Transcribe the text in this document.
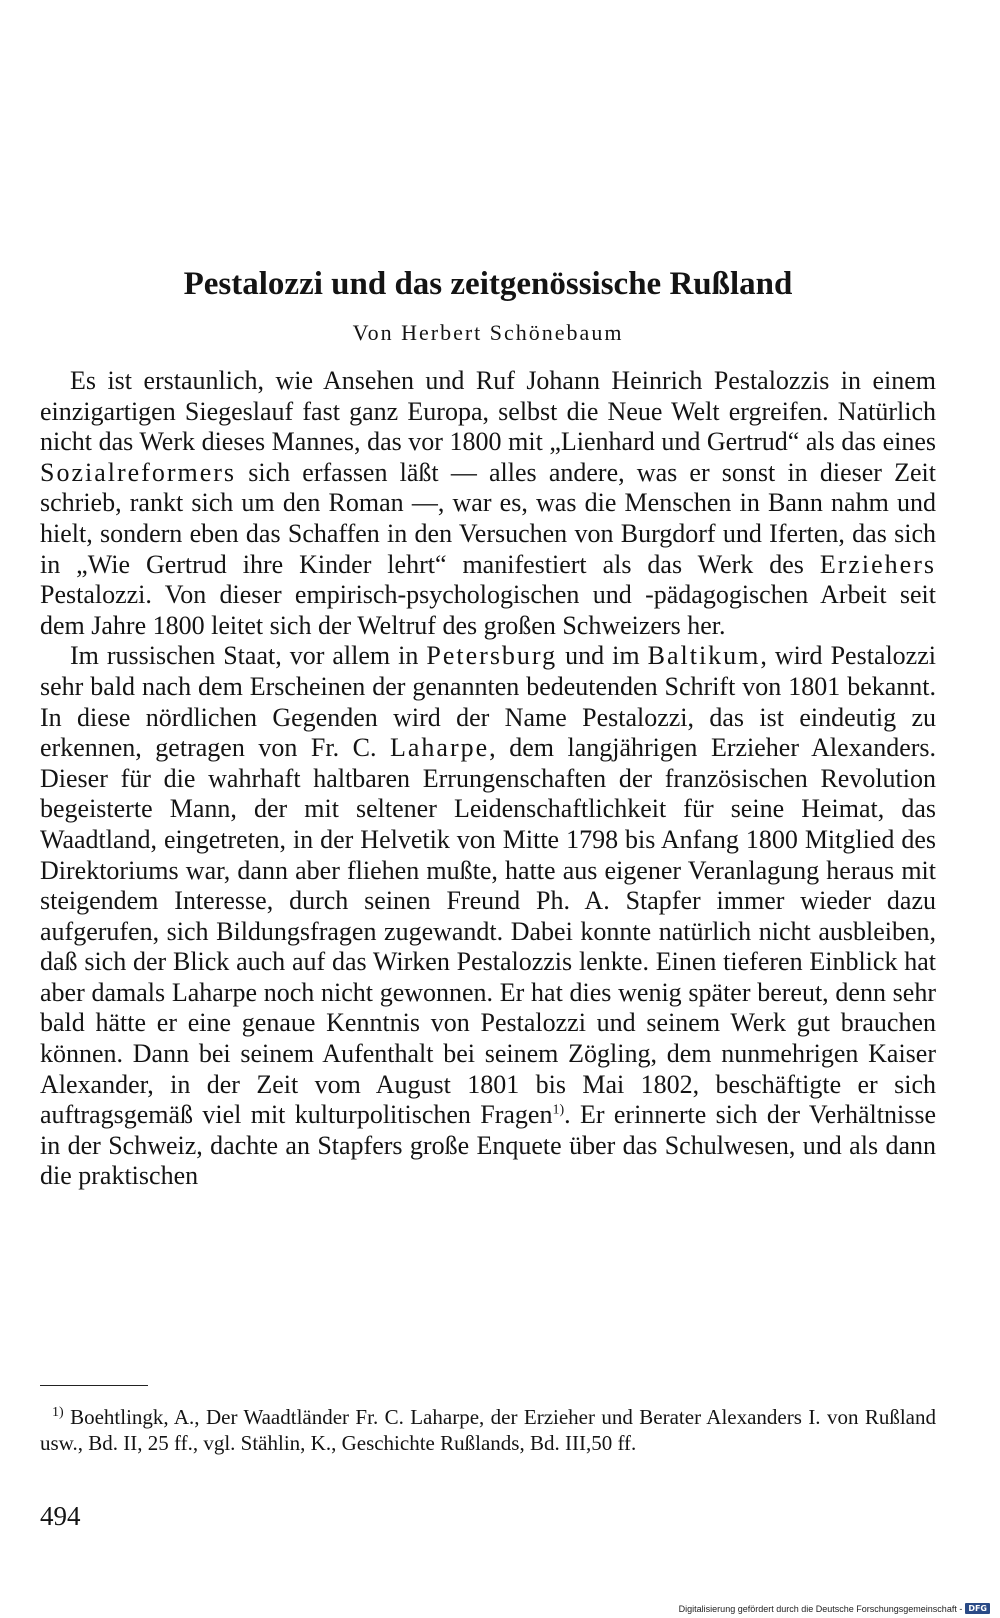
Pestalozzi und das zeitgenössische Rußland

Von Herbert Schönebaum

Es ist erstaunlich, wie Ansehen und Ruf Johann Heinrich Pestalozzis in einem einzigartigen Siegeslauf fast ganz Europa, selbst die Neue Welt ergreifen. Natürlich nicht das Werk dieses Mannes, das vor 1800 mit „Lienhard und Gertrud“ als das eines Sozialreformers sich erfassen läßt — alles andere, was er sonst in dieser Zeit schrieb, rankt sich um den Roman —, war es, was die Menschen in Bann nahm und hielt, sondern eben das Schaffen in den Versuchen von Burgdorf und Iferten, das sich in „Wie Gertrud ihre Kinder lehrt“ manifestiert als das Werk des Erziehers Pestalozzi. Von dieser empirisch-psychologischen und -pädagogischen Arbeit seit dem Jahre 1800 leitet sich der Weltruf des großen Schweizers her.

Im russischen Staat, vor allem in Petersburg und im Baltikum, wird Pestalozzi sehr bald nach dem Erscheinen der genannten bedeutenden Schrift von 1801 bekannt. In diese nördlichen Gegenden wird der Name Pestalozzi, das ist eindeutig zu erkennen, getragen von Fr. C. Laharpe, dem langjährigen Erzieher Alexanders. Dieser für die wahrhaft haltbaren Errungenschaften der französischen Revolution begeisterte Mann, der mit seltener Leidenschaftlichkeit für seine Heimat, das Waadtland, eingetreten, in der Helvetik von Mitte 1798 bis Anfang 1800 Mitglied des Direktoriums war, dann aber fliehen mußte, hatte aus eigener Veranlagung heraus mit steigendem Interesse, durch seinen Freund Ph. A. Stapfer immer wieder dazu aufgerufen, sich Bildungsfragen zugewandt. Dabei konnte natürlich nicht ausbleiben, daß sich der Blick auch auf das Wirken Pestalozzis lenkte. Einen tieferen Einblick hat aber damals Laharpe noch nicht gewonnen. Er hat dies wenig später bereut, denn sehr bald hätte er eine genaue Kenntnis von Pestalozzi und seinem Werk gut brauchen können. Dann bei seinem Aufenthalt bei seinem Zögling, dem nunmehrigen Kaiser Alexander, in der Zeit vom August 1801 bis Mai 1802, beschäftigte er sich auftragsgemäß viel mit kulturpolitischen Fragen$^{1)}$. Er erinnerte sich der Verhältnisse in der Schweiz, dachte an Stapfers große Enquete über das Schulwesen, und als dann die praktischen

$^{1)}$ Boehtlingk, A., Der Waadtländer Fr. C. Laharpe, der Erzieher und Berater Alexanders I. von Rußland usw., Bd. II, 25 ff., vgl. Stählin, K., Geschichte Rußlands, Bd. III,50 ff.

494

Digitalisierung gefördert durch die Deutsche Forschungsgemeinschaft - DFG
